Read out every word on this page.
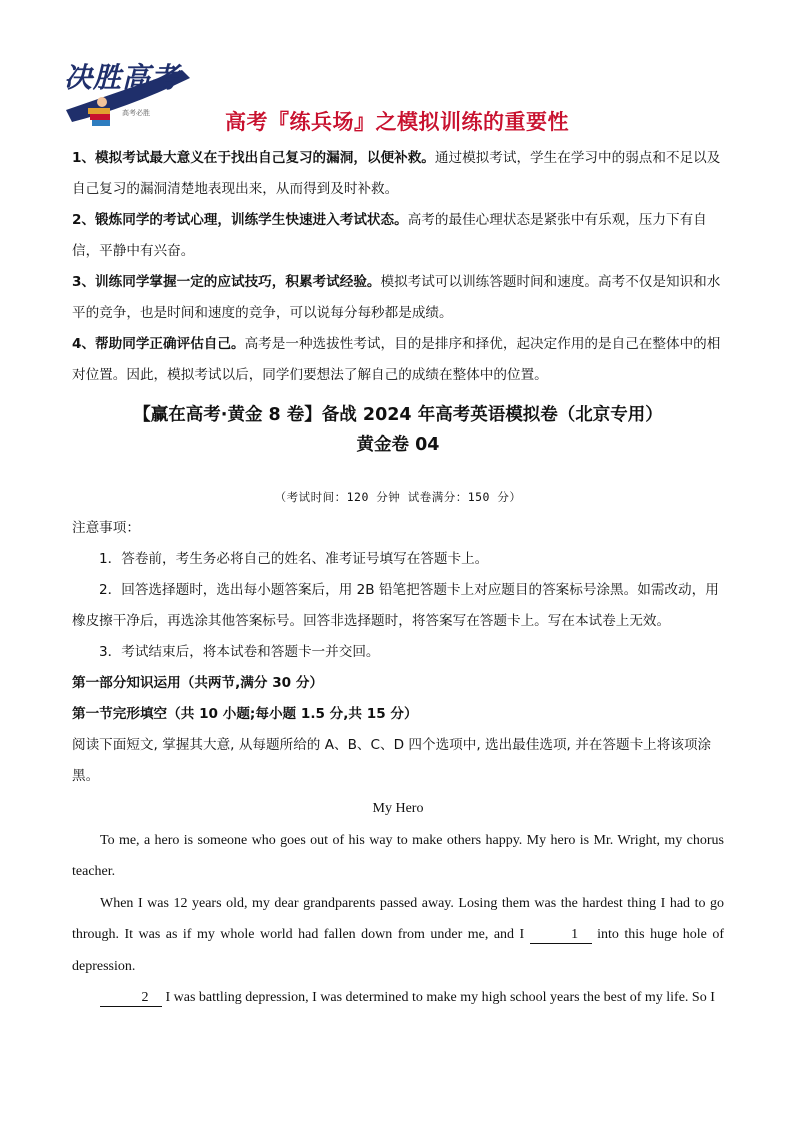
决胜高考
高考必胜	高考『练兵场』之模拟训练的重要性

1、模拟考试最大意义在于找出自己复习的漏洞，以便补救。通过模拟考试，学生在学习中的弱点和不足以及自己复习的漏洞清楚地表现出来，从而得到及时补救。

2、锻炼同学的考试心理，训练学生快速进入考试状态。高考的最佳心理状态是紧张中有乐观，压力下有自信，平静中有兴奋。

3、训练同学掌握一定的应试技巧，积累考试经验。模拟考试可以训练答题时间和速度。高考不仅是知识和水平的竞争，也是时间和速度的竞争，可以说每分每秒都是成绩。

4、帮助同学正确评估自己。高考是一种选拔性考试，目的是排序和择优，起决定作用的是自己在整体中的相对位置。因此，模拟考试以后，同学们要想法了解自己的成绩在整体中的位置。

【赢在高考·黄金 8 卷】备战 2024 年高考英语模拟卷（北京专用）
黄金卷 04
（考试时间：120 分钟 试卷满分：150 分）

注意事项：

1．答卷前，考生务必将自己的姓名、准考证号填写在答题卡上。

2．回答选择题时，选出每小题答案后，用 2B 铅笔把答题卡上对应题目的答案标号涂黑。如需改动，用橡皮擦干净后，再选涂其他答案标号。回答非选择题时，将答案写在答题卡上。写在本试卷上无效。

3．考试结束后，将本试卷和答题卡一并交回。

第一部分知识运用（共两节,满分 30 分）

第一节完形填空（共 10 小题;每小题 1.5 分,共 15 分）

阅读下面短文, 掌握其大意, 从每题所给的 A、B、C、D 四个选项中, 选出最佳选项, 并在答题卡上将该项涂黑。

My Hero

To me, a hero is someone who goes out of his way to make others happy. My hero is Mr. Wright, my chorus teacher.

When I was 12 years old, my dear grandparents passed away. Losing them was the hardest thing I had to go through. It was as if my whole world had fallen down from under me, and I	1 into this huge hole of depression.

2 I was battling depression, I was determined to make my high school years the best of my life. So I
